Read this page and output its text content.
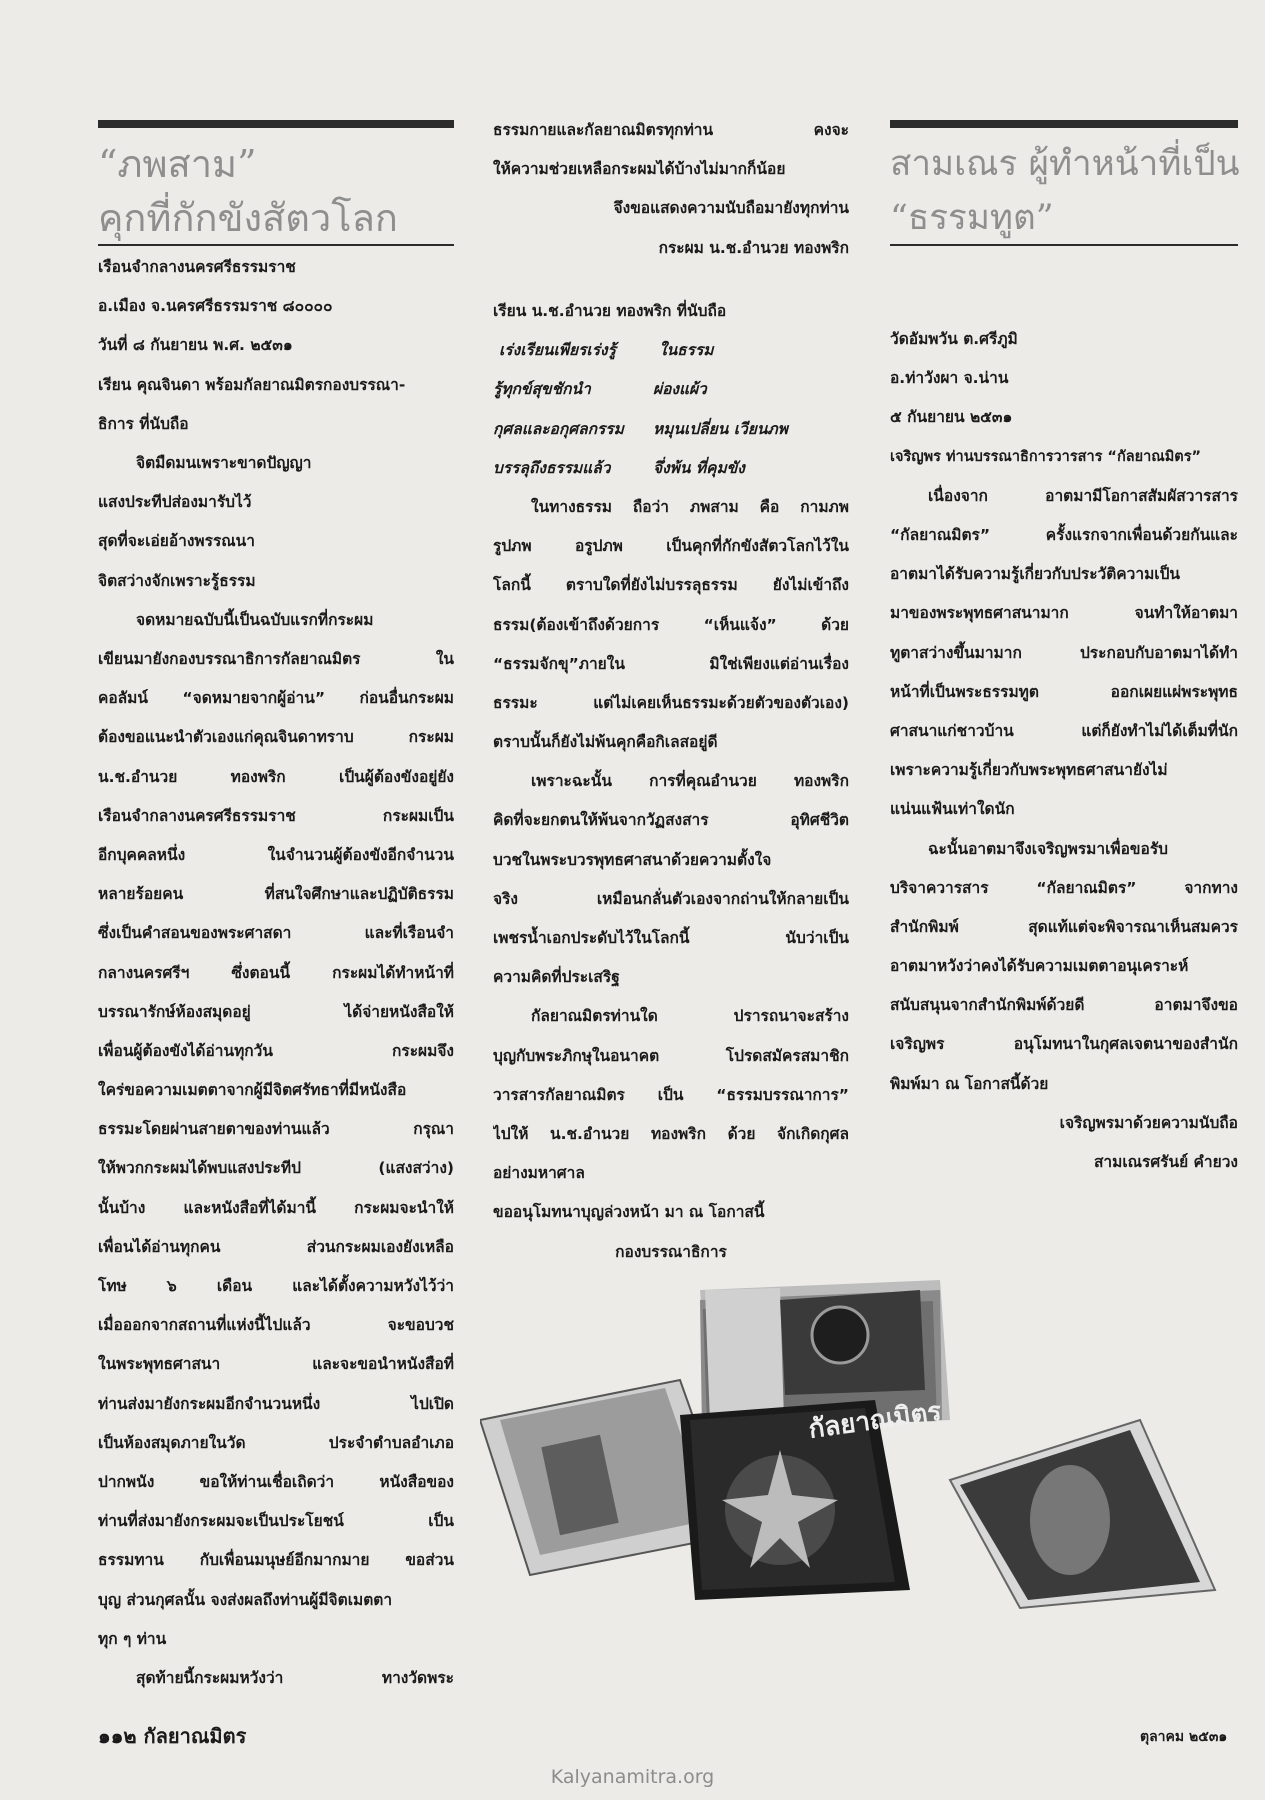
“ภพสาม”
คุกที่กักขังสัตวโลก
เรือนจำกลางนครศรีธรรมราช
อ.เมือง จ.นครศรีธรรมราช ๘๐๐๐๐
วันที่ ๘ กันยายน พ.ศ. ๒๕๓๑
เรียน คุณจินดา พร้อมกัลยาณมิตรกองบรรณา-
ธิการ ที่นับถือ
จิตมืดมนเพราะขาดปัญญา
แสงประทีปส่องมารับไว้
สุดที่จะเอ่ยอ้างพรรณนา
จิตสว่างจักเพราะรู้ธรรม
จดหมายฉบับนี้เป็นฉบับแรกที่กระผม
เขียนมายังกองบรรณาธิการกัลยาณมิตร ใน
คอลัมน์ “จดหมายจากผู้อ่าน” ก่อนอื่นกระผม
ต้องขอแนะนำตัวเองแก่คุณจินดาทราบ กระผม
น.ช.อำนวย ทองพริก เป็นผู้ต้องขังอยู่ยัง
เรือนจำกลางนครศรีธรรมราช กระผมเป็น
อีกบุคคลหนึ่ง ในจำนวนผู้ต้องขังอีกจำนวน
หลายร้อยคน ที่สนใจศึกษาและปฏิบัติธรรม
ซึ่งเป็นคำสอนของพระศาสดา และที่เรือนจำ
กลางนครศรีฯ ซึ่งตอนนี้ กระผมได้ทำหน้าที่
บรรณารักษ์ห้องสมุดอยู่ ได้จ่ายหนังสือให้
เพื่อนผู้ต้องขังได้อ่านทุกวัน กระผมจึง
ใคร่ขอความเมตตาจากผู้มีจิตศรัทธาที่มีหนังสือ
ธรรมะโดยผ่านสายตาของท่านแล้ว กรุณา
ให้พวกกระผมได้พบแสงประทีป (แสงสว่าง)
นั้นบ้าง และหนังสือที่ได้มานี้ กระผมจะนำให้
เพื่อนได้อ่านทุกคน ส่วนกระผมเองยังเหลือ
โทษ ๖ เดือน และได้ตั้งความหวังไว้ว่า
เมื่อออกจากสถานที่แห่งนี้ไปแล้ว จะขอบวช
ในพระพุทธศาสนา และจะขอนำหนังสือที่
ท่านส่งมายังกระผมอีกจำนวนหนึ่ง ไปเปิด
เป็นห้องสมุดภายในวัด ประจำตำบลอำเภอ
ปากพนัง ขอให้ท่านเชื่อเถิดว่า หนังสือของ
ท่านที่ส่งมายังกระผมจะเป็นประโยชน์ เป็น
ธรรมทาน กับเพื่อนมนุษย์อีกมากมาย ขอส่วน
บุญ ส่วนกุศลนั้น จงส่งผลถึงท่านผู้มีจิตเมตตา
ทุก ๆ ท่าน
สุดท้ายนี้กระผมหวังว่า ทางวัดพระ
ธรรมกายและกัลยาณมิตรทุกท่าน คงจะ
ให้ความช่วยเหลือกระผมได้บ้างไม่มากก็น้อย
จึงขอแสดงความนับถือมายังทุกท่าน
กระผม น.ช.อำนวย ทองพริก
เรียน น.ช.อำนวย ทองพริก ที่นับถือ
เร่งเรียนเพียรเร่งรู้	ในธรรม
รู้ทุกข์สุขชักนำ	ผ่องแผ้ว
กุศลและอกุศลกรรม	หมุนเปลี่ยน เวียนภพ
บรรลุถึงธรรมแล้ว	จึ่งพ้น ที่คุมขัง
ในทางธรรม ถือว่า ภพสาม คือ กามภพ
รูปภพ อรูปภพ เป็นคุกที่กักขังสัตวโลกไว้ใน
โลกนี้ ตราบใดที่ยังไม่บรรลุธรรม ยังไม่เข้าถึง
ธรรม(ต้องเข้าถึงด้วยการ “เห็นแจ้ง” ด้วย
“ธรรมจักขุ”ภายใน มิใช่เพียงแต่อ่านเรื่อง
ธรรมะ แต่ไม่เคยเห็นธรรมะด้วยตัวของตัวเอง)
ตราบนั้นก็ยังไม่พ้นคุกคือกิเลสอยู่ดี
เพราะฉะนั้น การที่คุณอำนวย ทองพริก
คิดที่จะยกตนให้พ้นจากวัฏสงสาร อุทิศชีวิต
บวชในพระบวรพุทธศาสนาด้วยความตั้งใจ
จริง เหมือนกลั่นตัวเองจากถ่านให้กลายเป็น
เพชรน้ำเอกประดับไว้ในโลกนี้ นับว่าเป็น
ความคิดที่ประเสริฐ
กัลยาณมิตรท่านใด ปรารถนาจะสร้าง
บุญกับพระภิกษุในอนาคต โปรดสมัครสมาชิก
วารสารกัลยาณมิตร เป็น “ธรรมบรรณาการ”
ไปให้ น.ช.อำนวย ทองพริก ด้วย จักเกิดกุศล
อย่างมหาศาล
ขออนุโมทนาบุญล่วงหน้า มา ณ โอกาสนี้
กองบรรณาธิการ
สามเณร ผู้ทำหน้าที่เป็น
“ธรรมทูต”
วัดอัมพวัน ต.ศรีภูมิ
อ.ท่าวังผา จ.น่าน
๕ กันยายน ๒๕๓๑
เจริญพร ท่านบรรณาธิการวารสาร “กัลยาณมิตร”
เนื่องจาก อาตมามีโอกาสสัมผัสวารสาร
“กัลยาณมิตร” ครั้งแรกจากเพื่อนด้วยกันและ
อาตมาได้รับความรู้เกี่ยวกับประวัติความเป็น
มาของพระพุทธศาสนามาก จนทำให้อาตมา
ทูตาสว่างขึ้นมามาก ประกอบกับอาตมาได้ทำ
หน้าที่เป็นพระธรรมทูต ออกเผยแผ่พระพุทธ
ศาสนาแก่ชาวบ้าน แต่ก็ยังทำไม่ได้เต็มที่นัก
เพราะความรู้เกี่ยวกับพระพุทธศาสนายังไม่
แน่นแฟ้นเท่าใดนัก
ฉะนั้นอาตมาจึงเจริญพรมาเพื่อขอรับ
บริจาควารสาร “กัลยาณมิตร” จากทาง
สำนักพิมพ์ สุดแท้แต่จะพิจารณาเห็นสมควร
อาตมาหวังว่าคงได้รับความเมตตาอนุเคราะห์
สนับสนุนจากสำนักพิมพ์ด้วยดี อาตมาจึงขอ
เจริญพร อนุโมทนาในกุศลเจตนาของสำนัก
พิมพ์มา ณ โอกาสนี้ด้วย
เจริญพรมาด้วยความนับถือ
สามเณรศรันย์ คำยวง
กัลยาณมิตร
๑๑๒ กัลยาณมิตร	ตุลาคม ๒๕๓๑
Kalyanamitra.org
